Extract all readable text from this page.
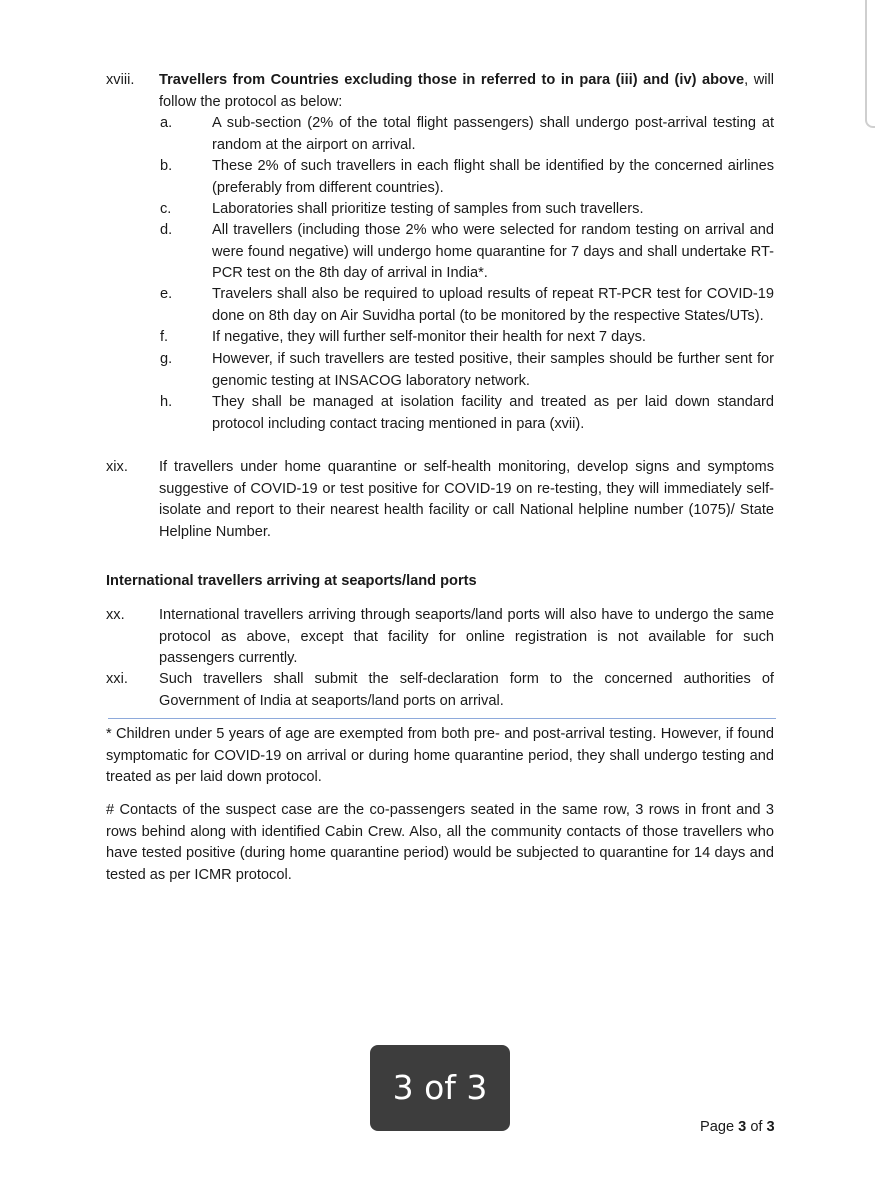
xviii. Travellers from Countries excluding those in referred to in para (iii) and (iv) above, will follow the protocol as below:
a.	A sub-section (2% of the total flight passengers) shall undergo post-arrival testing at random at the airport on arrival.
b.	These 2% of such travellers in each flight shall be identified by the concerned airlines (preferably from different countries).
c.	Laboratories shall prioritize testing of samples from such travellers.
d.	All travellers (including those 2% who were selected for random testing on arrival and were found negative) will undergo home quarantine for 7 days and shall undertake RT-PCR test on the 8th day of arrival in India*.
e.	Travelers shall also be required to upload results of repeat RT-PCR test for COVID-19 done on 8th day on Air Suvidha portal (to be monitored by the respective States/UTs).
f.	If negative, they will further self-monitor their health for next 7 days.
g.	However, if such travellers are tested positive, their samples should be further sent for genomic testing at INSACOG laboratory network.
h.	They shall be managed at isolation facility and treated as per laid down standard protocol including contact tracing mentioned in para (xvii).
xix. If travellers under home quarantine or self-health monitoring, develop signs and symptoms suggestive of COVID-19 or test positive for COVID-19 on re-testing, they will immediately self-isolate and report to their nearest health facility or call National helpline number (1075)/ State Helpline Number.
International travellers arriving at seaports/land ports
xx. International travellers arriving through seaports/land ports will also have to undergo the same protocol as above, except that facility for online registration is not available for such passengers currently.
xxi. Such travellers shall submit the self-declaration form to the concerned authorities of Government of India at seaports/land ports on arrival.
* Children under 5 years of age are exempted from both pre- and post-arrival testing. However, if found symptomatic for COVID-19 on arrival or during home quarantine period, they shall undergo testing and treated as per laid down protocol.
# Contacts of the suspect case are the co-passengers seated in the same row, 3 rows in front and 3 rows behind along with identified Cabin Crew. Also, all the community contacts of those travellers who have tested positive (during home quarantine period) would be subjected to quarantine for 14 days and tested as per ICMR protocol.
3 of 3
Page 3 of 3
